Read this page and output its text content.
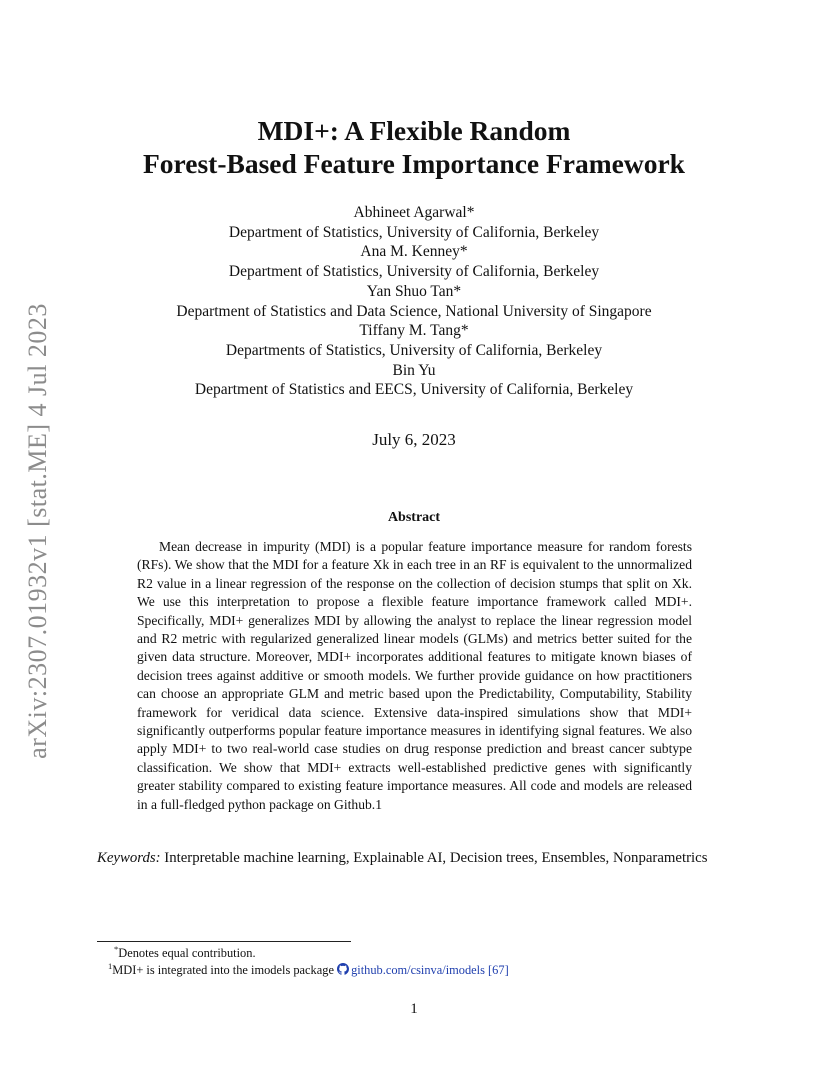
arXiv:2307.01932v1 [stat.ME] 4 Jul 2023
MDI+: A Flexible Random
Forest-Based Feature Importance Framework
Abhineet Agarwal*
Department of Statistics, University of California, Berkeley
Ana M. Kenney*
Department of Statistics, University of California, Berkeley
Yan Shuo Tan*
Department of Statistics and Data Science, National University of Singapore
Tiffany M. Tang*
Departments of Statistics, University of California, Berkeley
Bin Yu
Department of Statistics and EECS, University of California, Berkeley
July 6, 2023
Abstract

Mean decrease in impurity (MDI) is a popular feature importance measure for random forests (RFs). We show that the MDI for a feature Xk in each tree in an RF is equivalent to the unnormalized R2 value in a linear regression of the response on the collection of decision stumps that split on Xk. We use this interpretation to propose a flexible feature importance framework called MDI+. Specifically, MDI+ generalizes MDI by allowing the analyst to replace the linear regression model and R2 metric with regularized generalized linear models (GLMs) and metrics better suited for the given data structure. Moreover, MDI+ incorporates additional features to mitigate known biases of decision trees against additive or smooth models. We further provide guidance on how practitioners can choose an appropriate GLM and metric based upon the Predictability, Computability, Stability framework for veridical data science. Extensive data-inspired simulations show that MDI+ significantly outperforms popular feature importance measures in identifying signal features. We also apply MDI+ to two real-world case studies on drug response prediction and breast cancer subtype classification. We show that MDI+ extracts well-established predictive genes with significantly greater stability compared to existing feature importance measures. All code and models are released in a full-fledged python package on Github.1

Keywords: Interpretable machine learning, Explainable AI, Decision trees, Ensembles, Nonparametrics

*Denotes equal contribution.
$^1$MDI+ is integrated into the imodels package github.com/csinva/imodels [67]
1
